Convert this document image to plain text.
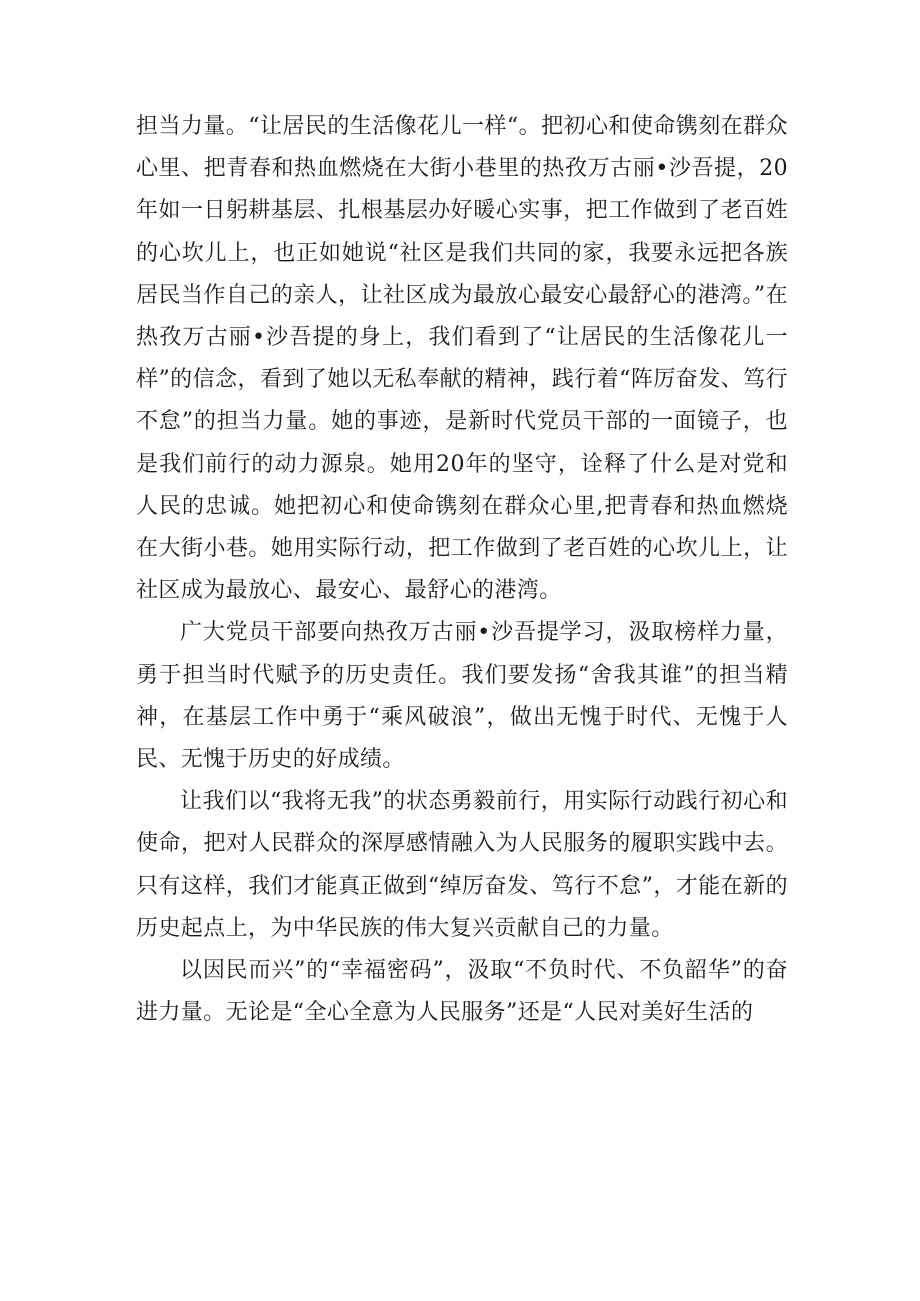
担当力量。“让居民的生活像花儿一样“。把初心和使命镌刻在群众心里、把青春和热血燃烧在大街小巷里的热孜万古丽•沙吾提，20年如一日躬耕基层、扎根基层办好暖心实事，把工作做到了老百姓的心坎儿上，也正如她说“社区是我们共同的家，我要永远把各族居民当作自己的亲人，让社区成为最放心最安心最舒心的港湾。”在热孜万古丽•沙吾提的身上，我们看到了“让居民的生活像花儿一样”的信念，看到了她以无私奉献的精神，践行着“阵厉奋发、笃行不怠”的担当力量。她的事迹，是新时代党员干部的一面镜子，也是我们前行的动力源泉。她用20年的坚守，诠释了什么是对党和人民的忠诚。她把初心和使命镌刻在群众心里,把青春和热血燃烧在大街小巷。她用实际行动，把工作做到了老百姓的心坎儿上，让社区成为最放心、最安心、最舒心的港湾。

广大党员干部要向热孜万古丽•沙吾提学习，汲取榜样力量，勇于担当时代赋予的历史责任。我们要发扬“舍我其谁”的担当精神，在基层工作中勇于“乘风破浪”，做出无愧于时代、无愧于人民、无愧于历史的好成绩。

让我们以“我将无我”的状态勇毅前行，用实际行动践行初心和使命，把对人民群众的深厚感情融入为人民服务的履职实践中去。只有这样，我们才能真正做到“绰厉奋发、笃行不怠”，才能在新的历史起点上，为中华民族的伟大复兴贡献自己的力量。

以因民而兴”的“幸福密码”，汲取“不负时代、不负韶华”的奋进力量。无论是“全心全意为人民服务”还是“人民对美好生活的
